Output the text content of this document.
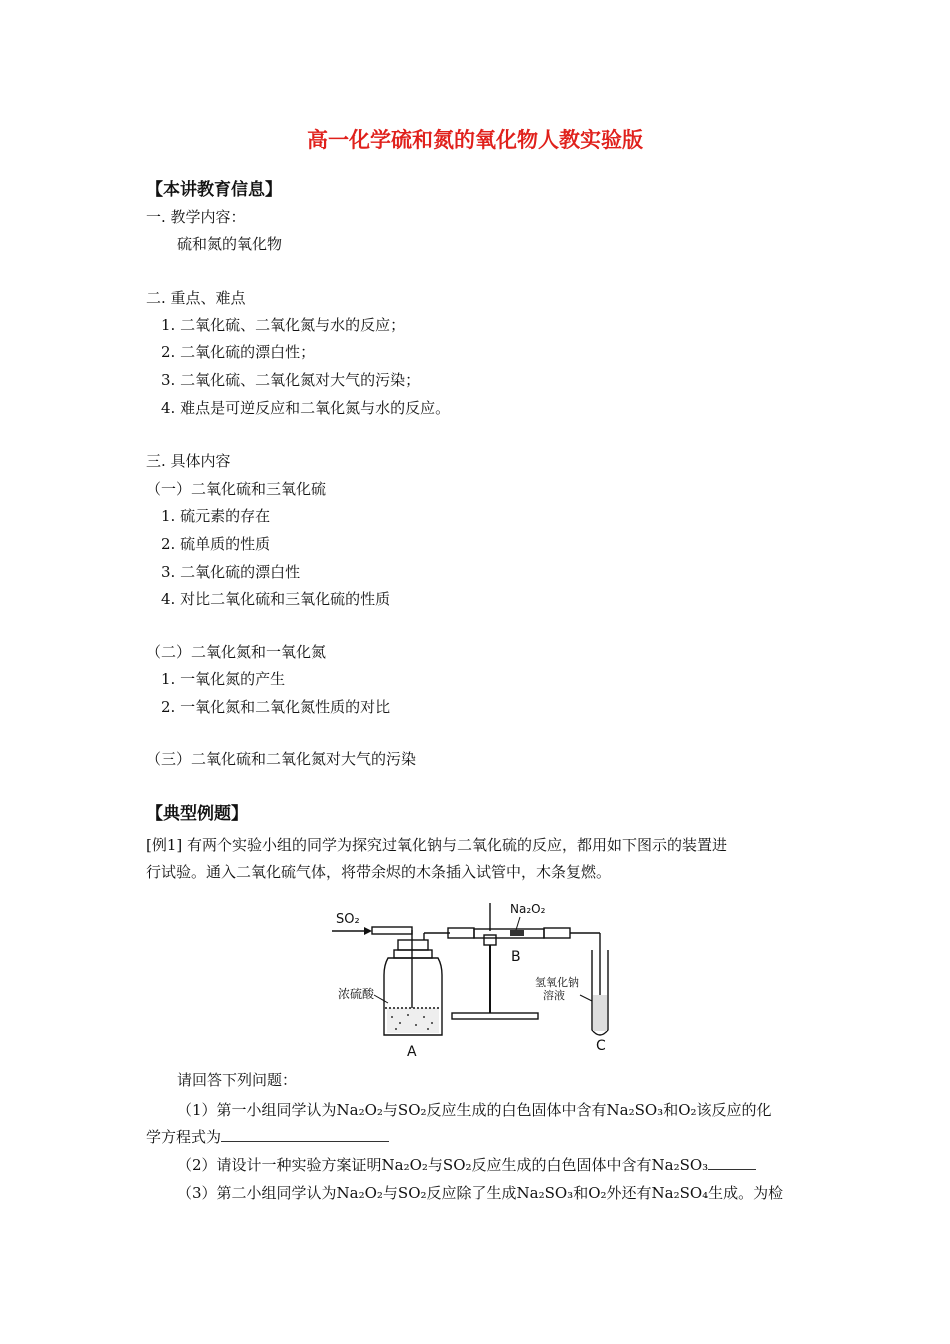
高一化学硫和氮的氧化物人教实验版
【本讲教育信息】
一. 教学内容：
硫和氮的氧化物
二. 重点、难点
1. 二氧化硫、二氧化氮与水的反应；
2. 二氧化硫的漂白性；
3. 二氧化硫、二氧化氮对大气的污染；
4. 难点是可逆反应和二氧化氮与水的反应。
三. 具体内容
（一）二氧化硫和三氧化硫
1. 硫元素的存在
2. 硫单质的性质
3. 二氧化硫的漂白性
4. 对比二氧化硫和三氧化硫的性质
（二）二氧化氮和一氧化氮
1. 一氧化氮的产生
2. 一氧化氮和二氧化氮性质的对比
（三）二氧化硫和二氧化氮对大气的污染
【典型例题】
[例1] 有两个实验小组的同学为探究过氧化钠与二氧化硫的反应，都用如下图示的装置进
行试验。通入二氧化硫气体，将带余烬的木条插入试管中，木条复燃。
SO₂
浓硫酸
Na₂O₂
B
氢氧化钠
溶液
A	C
请回答下列问题：
（1）第一小组同学认为Na₂O₂与SO₂反应生成的白色固体中含有Na₂SO₃和O₂该反应的化
学方程式为
（2）请设计一种实验方案证明Na₂O₂与SO₂反应生成的白色固体中含有Na₂SO₃
（3）第二小组同学认为Na₂O₂与SO₂反应除了生成Na₂SO₃和O₂外还有Na₂SO₄生成。为检
